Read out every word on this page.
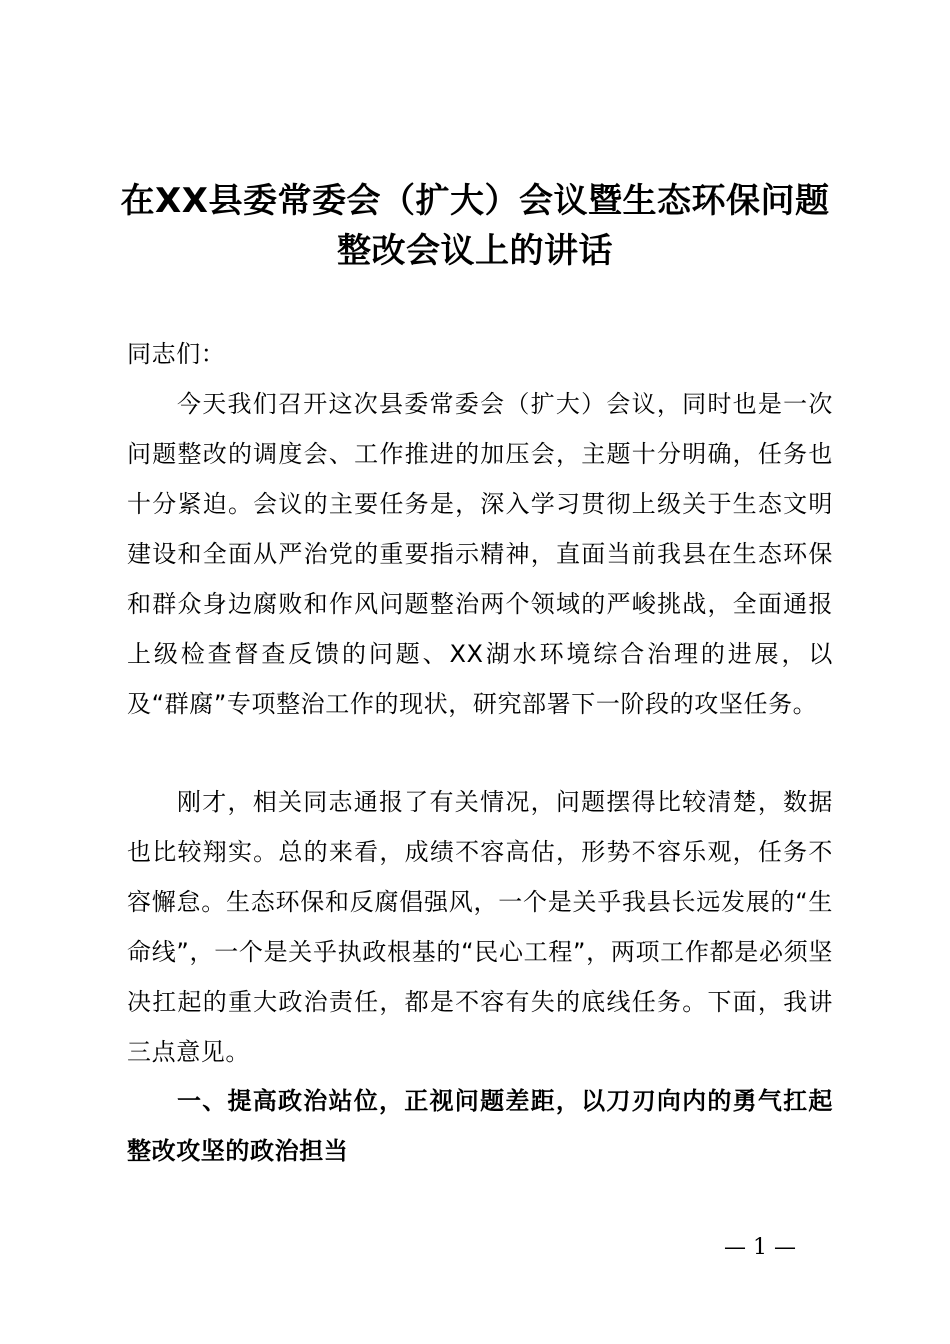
在XX县委常委会（扩大）会议暨生态环保问题整改会议上的讲话
同志们：
今天我们召开这次县委常委会（扩大）会议，同时也是一次问题整改的调度会、工作推进的加压会，主题十分明确，任务也十分紧迫。会议的主要任务是，深入学习贯彻上级关于生态文明建设和全面从严治党的重要指示精神，直面当前我县在生态环保和群众身边腐败和作风问题整治两个领域的严峻挑战，全面通报上级检查督查反馈的问题、XX湖水环境综合治理的进展，以及“群腐”专项整治工作的现状，研究部署下一阶段的攻坚任务。
刚才，相关同志通报了有关情况，问题摆得比较清楚，数据也比较翔实。总的来看，成绩不容高估，形势不容乐观，任务不容懈怠。生态环保和反腐倡强风，一个是关乎我县长远发展的“生命线”，一个是关乎执政根基的“民心工程”，两项工作都是必须坚决扛起的重大政治责任，都是不容有失的底线任务。下面，我讲三点意见。
一、提高政治站位，正视问题差距，以刀刃向内的勇气扛起整改攻坚的政治担当
— 1 —
